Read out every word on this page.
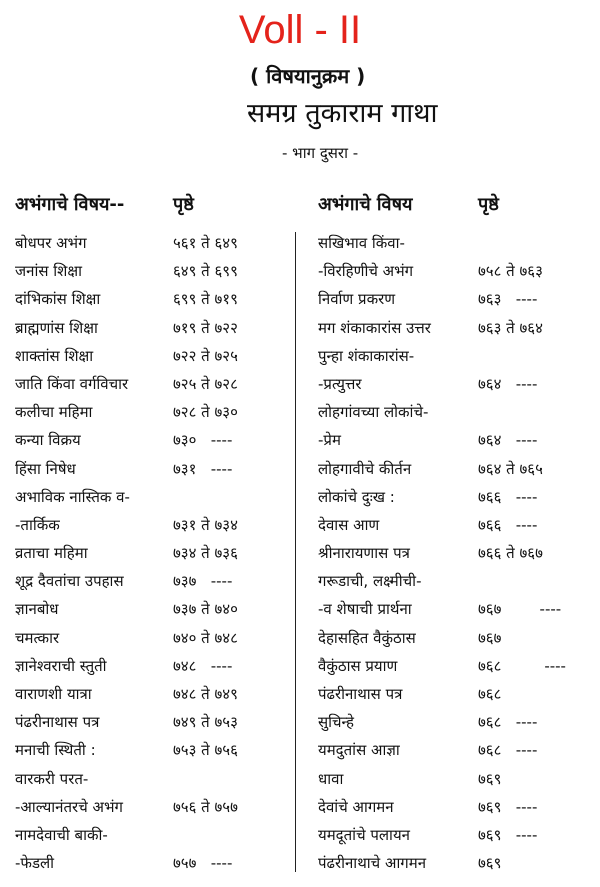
Voll - II
( विषयानुक्रम )
समग्र तुकाराम गाथा
- भाग दुसरा -
अभंगाचे विषय--	पृष्ठे	अभंगाचे विषय	पृष्ठे
बोधपर अभंग	५६१ ते ६४९
जनांस शिक्षा	६४९ ते ६९९
दांभिकांस शिक्षा	६९९ ते ७१९
ब्राह्मणांस शिक्षा	७१९ ते ७२२
शाक्तांस शिक्षा	७२२ ते ७२५
जाति किंवा वर्गविचार	७२५ ते ७२८
कलीचा महिमा	७२८ ते ७३०
कन्या विक्रय	७३०   ----
हिंसा निषेध	७३१   ----
अभाविक नास्तिक व-
-तार्किक	७३१ ते ७३४
व्रताचा महिमा	७३४ ते ७३६
शूद्र दैवतांचा उपहास	७३७   ----
ज्ञानबोध	७३७ ते ७४०
चमत्कार	७४० ते ७४८
ज्ञानेश्वराची स्तुती	७४८   ----
वाराणशी यात्रा	७४८ ते ७४९
पंढरीनाथास पत्र	७४९ ते ७५३
मनाची स्थिती :	७५३ ते ७५६
वारकरी परत-
-आल्यानंतरचे अभंग	७५६ ते ७५७
नामदेवाची बाकी-
-फेडली	७५७   ----
सखिभाव किंवा-
-विरहिणीचे अभंग	७५८ ते ७६३
निर्वाण प्रकरण	७६३   ----
मग शंकाकारांस उत्तर	७६३ ते ७६४
पुन्हा शंकाकारांस-
-प्रत्युत्तर	७६४   ----
लोहगांवच्या लोकांचे-
-प्रेम	७६४   ----
लोहगावीचे कीर्तन	७६४ ते ७६५
लोकांचे दुःख :	७६६   ----
देवास आण	७६६   ----
श्रीनारायणास पत्र	७६६ ते ७६७
गरूडाची, लक्ष्मीची-
-व शेषाची प्रार्थना	७६७        ----
देहासहित वैकुंठास	७६७
वैकुंठास प्रयाण	७६८         ----
पंढरीनाथास पत्र	७६८
सुचिन्हे	७६८   ----
यमदुतांस आज्ञा	७६८   ----
धावा	७६९
देवांचे आगमन	७६९   ----
यमदूतांचे पलायन	७६९   ----
पंढरीनाथाचे आगमन	७६९
